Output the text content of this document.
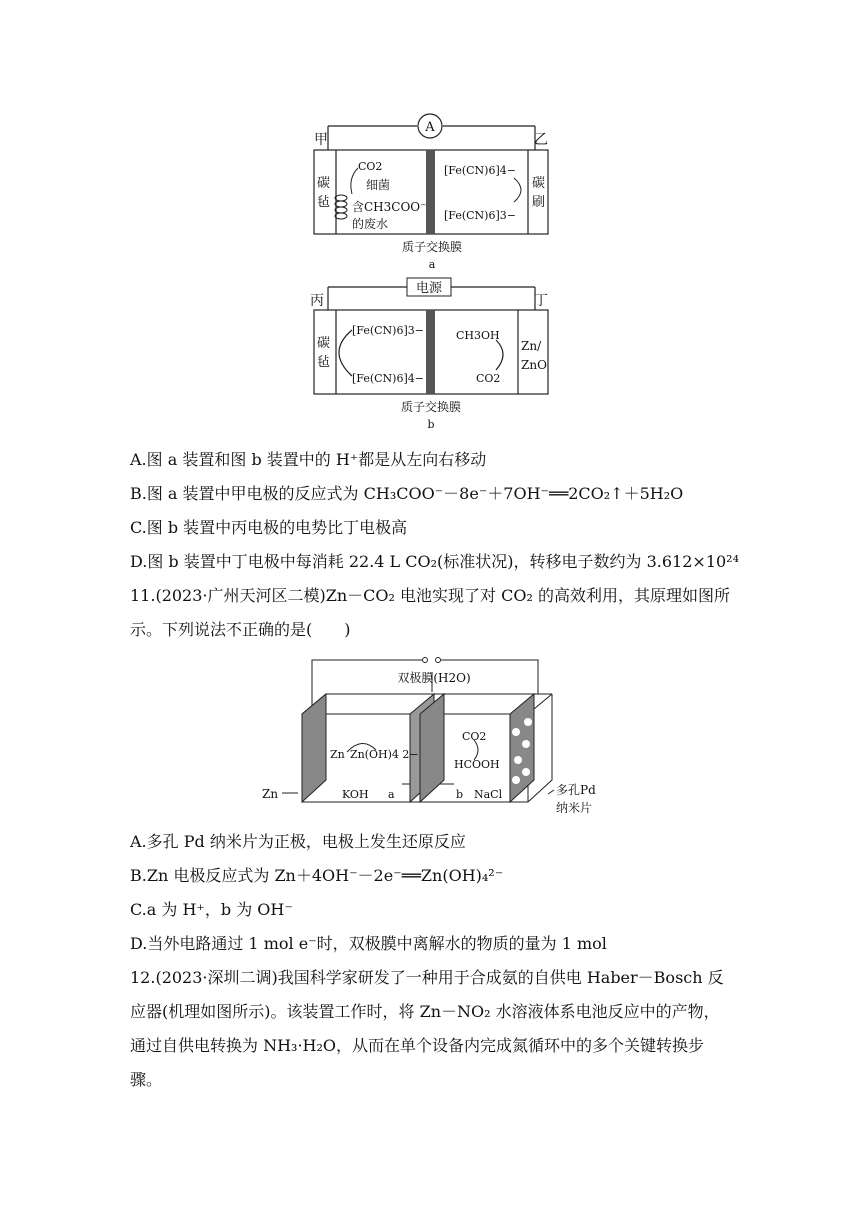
A
甲	乙
碳
毡
碳
刷
CO2
细菌
含CH3COO⁻
的废水
[Fe(CN)6]4−
[Fe(CN)6]3−
质子交换膜
a
电源
丙	丁
碳
毡
Zn/
ZnO
[Fe(CN)6]3−
[Fe(CN)6]4−
CH3OH
CO2
质子交换膜
b
A.图 a 装置和图 b 装置中的 H⁺都是从左向右移动
B.图 a 装置中甲电极的反应式为 CH₃COO⁻－8e⁻＋7OH⁻══2CO₂↑＋5H₂O
C.图 b 装置中丙电极的电势比丁电极高
D.图 b 装置中丁电极中每消耗 22.4 L CO₂(标准状况)，转移电子数约为 3.612×10²⁴
11.(2023·广州天河区二模)Zn－CO₂ 电池实现了对 CO₂ 的高效利用，其原理如图所
示。下列说法不正确的是(　　)
双极膜(H2O)
Zn Zn(OH)4 2−
CO2
HCOOH
KOH a	b NaCl
Zn	多孔Pd
纳米片
A.多孔 Pd 纳米片为正极，电极上发生还原反应
B.Zn 电极反应式为 Zn＋4OH⁻－2e⁻══Zn(OH)₄²⁻
C.a 为 H⁺，b 为 OH⁻
D.当外电路通过 1 mol e⁻时，双极膜中离解水的物质的量为 1 mol
12.(2023·深圳二调)我国科学家研发了一种用于合成氨的自供电 Haber－Bosch 反
应器(机理如图所示)。该装置工作时，将 Zn－NO₂ 水溶液体系电池反应中的产物，
通过自供电转换为 NH₃·H₂O，从而在单个设备内完成氮循环中的多个关键转换步
骤。
